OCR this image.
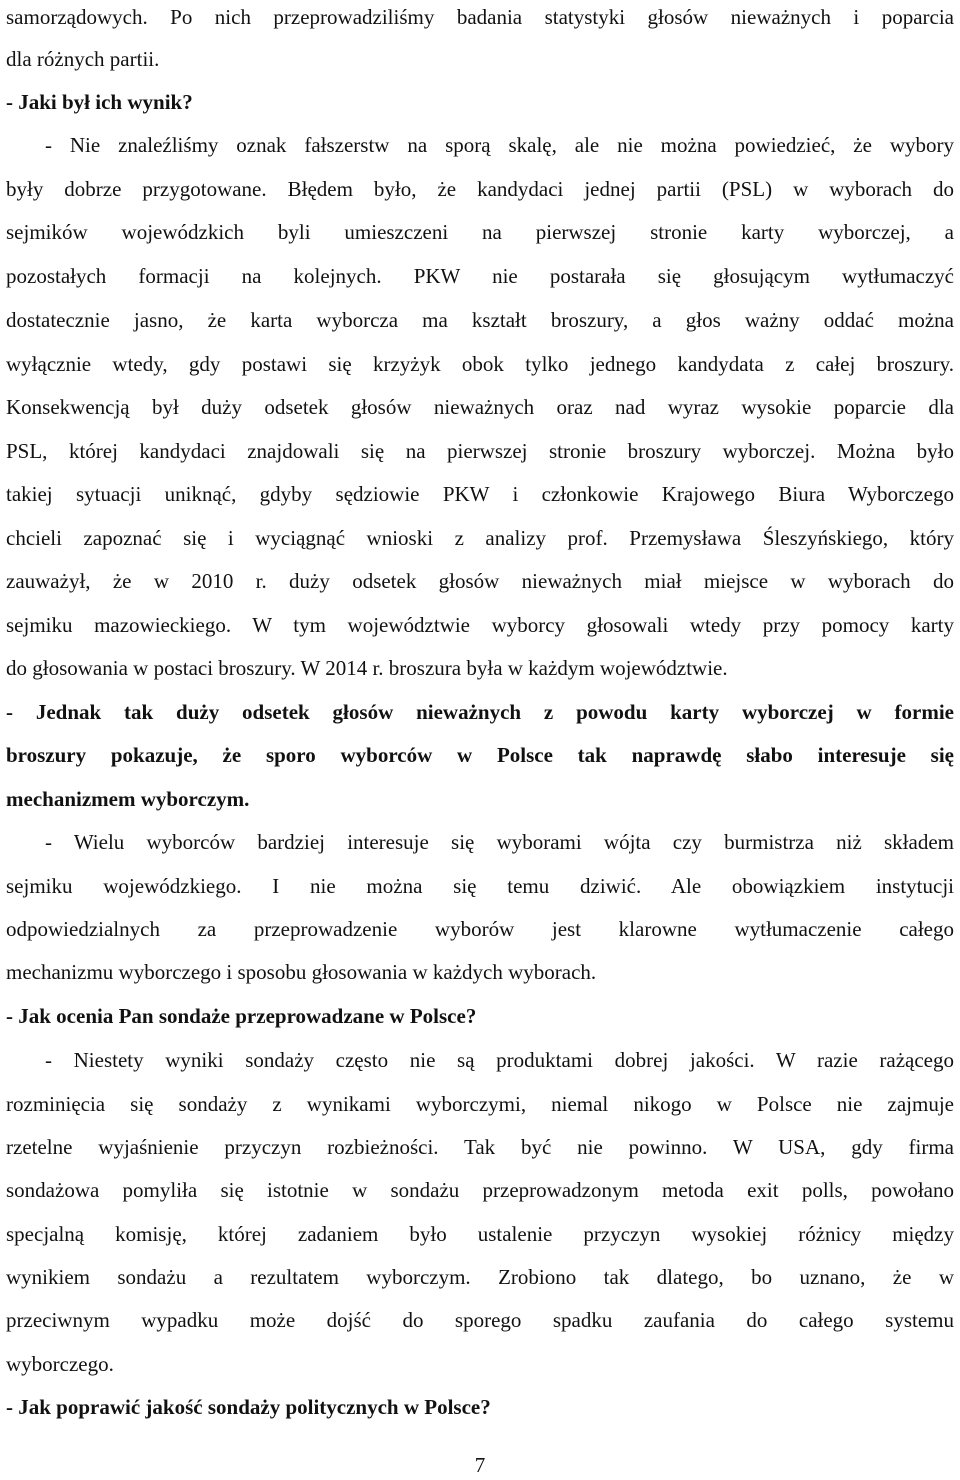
samorządowych. Po nich przeprowadziliśmy badania statystyki głosów nieważnych i poparcia
dla różnych partii.
- Jaki był ich wynik?
- Nie znaleźliśmy oznak fałszerstw na sporą skalę, ale nie można powiedzieć, że wybory
były dobrze przygotowane. Błędem było, że kandydaci jednej partii (PSL) w wyborach do
sejmików wojewódzkich byli umieszczeni na pierwszej stronie karty wyborczej, a
pozostałych formacji na kolejnych. PKW nie postarała się głosującym wytłumaczyć
dostatecznie jasno, że karta wyborcza ma kształt broszury, a głos ważny oddać można
wyłącznie wtedy, gdy postawi się krzyżyk obok tylko jednego kandydata z całej broszury.
Konsekwencją był duży odsetek głosów nieważnych oraz nad wyraz wysokie poparcie dla
PSL, której kandydaci znajdowali się na pierwszej stronie broszury wyborczej. Można było
takiej sytuacji uniknąć, gdyby sędziowie PKW i członkowie Krajowego Biura Wyborczego
chcieli zapoznać się i wyciągnąć wnioski z analizy prof. Przemysława Śleszyńskiego, który
zauważył, że w 2010 r. duży odsetek głosów nieważnych miał miejsce w wyborach do
sejmiku mazowieckiego. W tym województwie wyborcy głosowali wtedy przy pomocy karty
do głosowania w postaci broszury. W 2014 r. broszura była w każdym województwie.
- Jednak tak duży odsetek głosów nieważnych z powodu karty wyborczej w formie
broszury pokazuje, że sporo wyborców w Polsce tak naprawdę słabo interesuje się
mechanizmem wyborczym.
- Wielu wyborców bardziej interesuje się wyborami wójta czy burmistrza niż składem
sejmiku wojewódzkiego. I nie można się temu dziwić. Ale obowiązkiem instytucji
odpowiedzialnych za przeprowadzenie wyborów jest klarowne wytłumaczenie całego
mechanizmu wyborczego i sposobu głosowania w każdych wyborach.
- Jak ocenia Pan sondaże przeprowadzane w Polsce?
- Niestety wyniki sondaży często nie są produktami dobrej jakości. W razie rażącego
rozminięcia się sondaży z wynikami wyborczymi, niemal nikogo w Polsce nie zajmuje
rzetelne wyjaśnienie przyczyn rozbieżności. Tak być nie powinno. W USA, gdy firma
sondażowa pomyliła się istotnie w sondażu przeprowadzonym metoda exit polls, powołano
specjalną komisję, której zadaniem było ustalenie przyczyn wysokiej różnicy między
wynikiem sondażu a rezultatem wyborczym. Zrobiono tak dlatego, bo uznano, że w
przeciwnym wypadku może dojść do sporego spadku zaufania do całego systemu
wyborczego.
- Jak poprawić jakość sondaży politycznych w Polsce?
7
